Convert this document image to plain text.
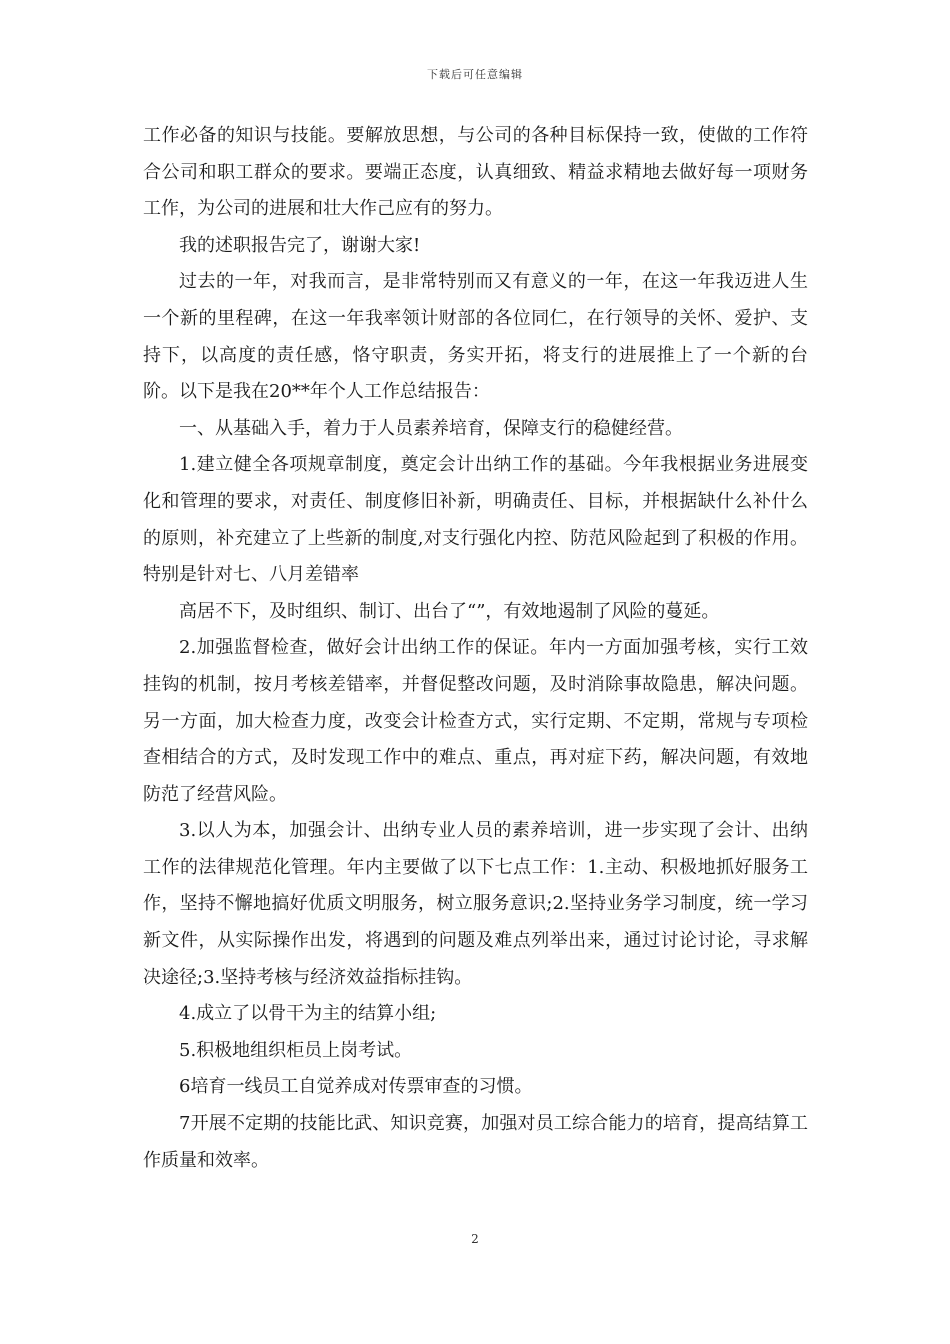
下载后可任意编辑

工作必备的知识与技能。要解放思想，与公司的各种目标保持一致，使做的工作符合公司和职工群众的要求。要端正态度，认真细致、精益求精地去做好每一项财务工作，为公司的进展和壮大作己应有的努力。

我的述职报告完了，谢谢大家!

过去的一年，对我而言，是非常特别而又有意义的一年，在这一年我迈进人生一个新的里程碑，在这一年我率领计财部的各位同仁，在行领导的关怀、爱护、支持下，以高度的责任感，恪守职责，务实开拓，将支行的进展推上了一个新的台阶。以下是我在20**年个人工作总结报告：

一、从基础入手，着力于人员素养培育，保障支行的稳健经营。

1.建立健全各项规章制度，奠定会计出纳工作的基础。今年我根据业务进展变化和管理的要求，对责任、制度修旧补新，明确责任、目标，并根据缺什么补什么的原则，补充建立了上些新的制度,对支行强化内控、防范风险起到了积极的作用。特别是针对七、八月差错率

高居不下，及时组织、制订、出台了“”，有效地遏制了风险的蔓延。

2.加强监督检查，做好会计出纳工作的保证。年内一方面加强考核，实行工效挂钩的机制，按月考核差错率，并督促整改问题，及时消除事故隐患，解决问题。另一方面，加大检查力度，改变会计检查方式，实行定期、不定期，常规与专项检查相结合的方式，及时发现工作中的难点、重点，再对症下药，解决问题，有效地防范了经营风险。

3.以人为本，加强会计、出纳专业人员的素养培训，进一步实现了会计、出纳工作的法律规范化管理。年内主要做了以下七点工作：1.主动、积极地抓好服务工作，坚持不懈地搞好优质文明服务，树立服务意识;2.坚持业务学习制度，统一学习新文件，从实际操作出发，将遇到的问题及难点列举出来，通过讨论讨论，寻求解决途径;3.坚持考核与经济效益指标挂钩。

4.成立了以骨干为主的结算小组;

5.积极地组织柜员上岗考试。

6培育一线员工自觉养成对传票审查的习惯。

7开展不定期的技能比武、知识竞赛，加强对员工综合能力的培育，提高结算工作质量和效率。

2
